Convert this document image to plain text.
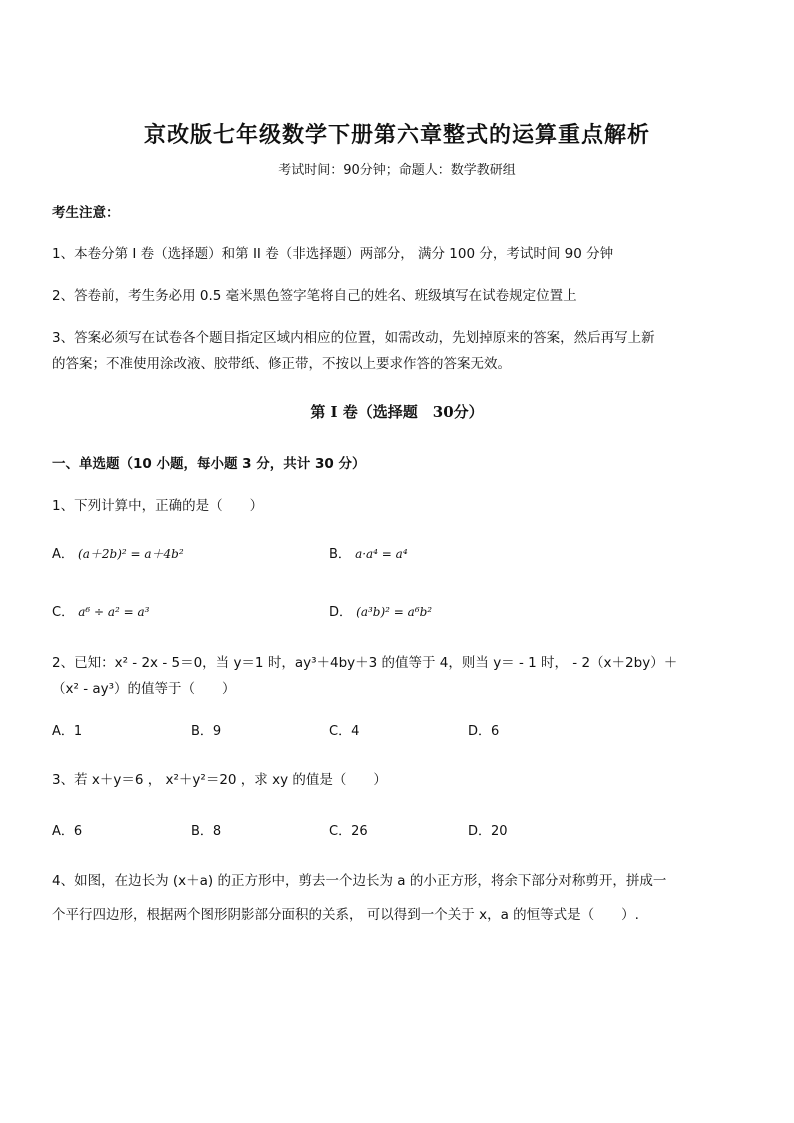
京改版七年级数学下册第六章整式的运算重点解析
考试时间：90分钟；命题人：数学教研组
考生注意：
1、本卷分第 I 卷（选择题）和第 II 卷（非选择题）两部分， 满分 100 分，考试时间 90 分钟
2、答卷前，考生务必用 0.5 毫米黑色签字笔将自己的姓名、班级填写在试卷规定位置上
3、答案必须写在试卷各个题目指定区域内相应的位置，如需改动，先划掉原来的答案，然后再写上新
的答案；不准使用涂改液、胶带纸、修正带，不按以上要求作答的答案无效。
第 I 卷（选择题　30分）
一、单选题（10 小题，每小题 3 分，共计 30 分）
1、下列计算中，正确的是（　　）
A． (a＋2b)² = a＋4b²	B． a·a⁴ = a⁴
C． a⁶ ÷ a² = a³	D． (a³b)² = a⁶b²
2、已知：x² - 2x - 5＝0，当 y＝1 时，ay³＋4by＋3 的值等于 4，则当 y＝ - 1 时， - 2（x＋2by）＋
（x² - ay³）的值等于（　　）
A．1	B．9	C．4	D．6
3、若 x＋y＝6 ， x²＋y²＝20 ，求 xy 的值是（　　）
A．6	B．8	C．26	D．20
4、如图，在边长为 (x＋a) 的正方形中，剪去一个边长为 a 的小正方形，将余下部分对称剪开，拼成一
个平行四边形，根据两个图形阴影部分面积的关系， 可以得到一个关于 x，a 的恒等式是（　　）.
